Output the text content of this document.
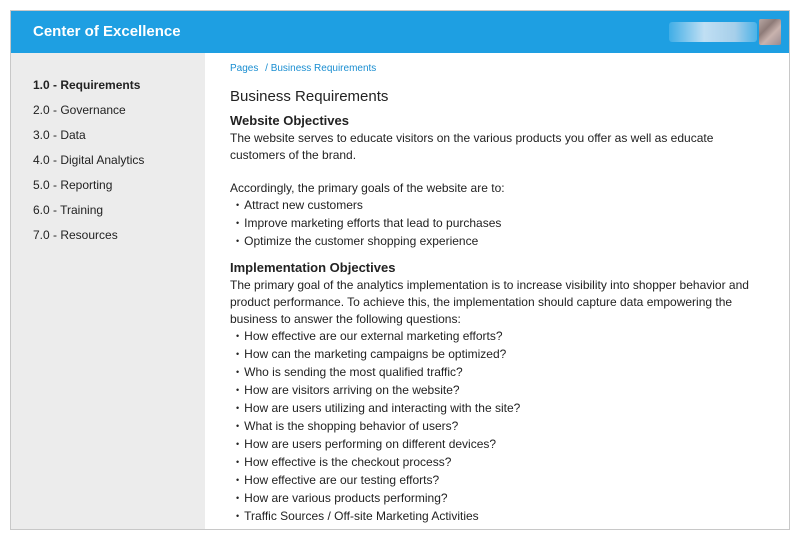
Center of Excellence
1.0 - Requirements
2.0 - Governance
3.0 - Data
4.0 - Digital Analytics
5.0 - Reporting
6.0 - Training
7.0 - Resources
Pages / Business Requirements
Business Requirements
Website Objectives

The website serves to educate visitors on the various products you offer as well as educate customers of the brand.

Accordingly, the primary goals of the website are to:

• Attract new customers
• Improve marketing efforts that lead to purchases
• Optimize the customer shopping experience
Implementation Objectives

The primary goal of the analytics implementation is to increase visibility into shopper behavior and product performance. To achieve this, the implementation should capture data empowering the business to answer the following questions:

• How effective are our external marketing efforts?
• How can the marketing campaigns be optimized?
• Who is sending the most qualified traffic?
• How are visitors arriving on the website?
• How are users utilizing and interacting with the site?
• What is the shopping behavior of users?
• How are users performing on different devices?
• How effective is the checkout process?
• How effective are our testing efforts?
• How are various products performing?
• Traffic Sources / Off-site Marketing Activities
